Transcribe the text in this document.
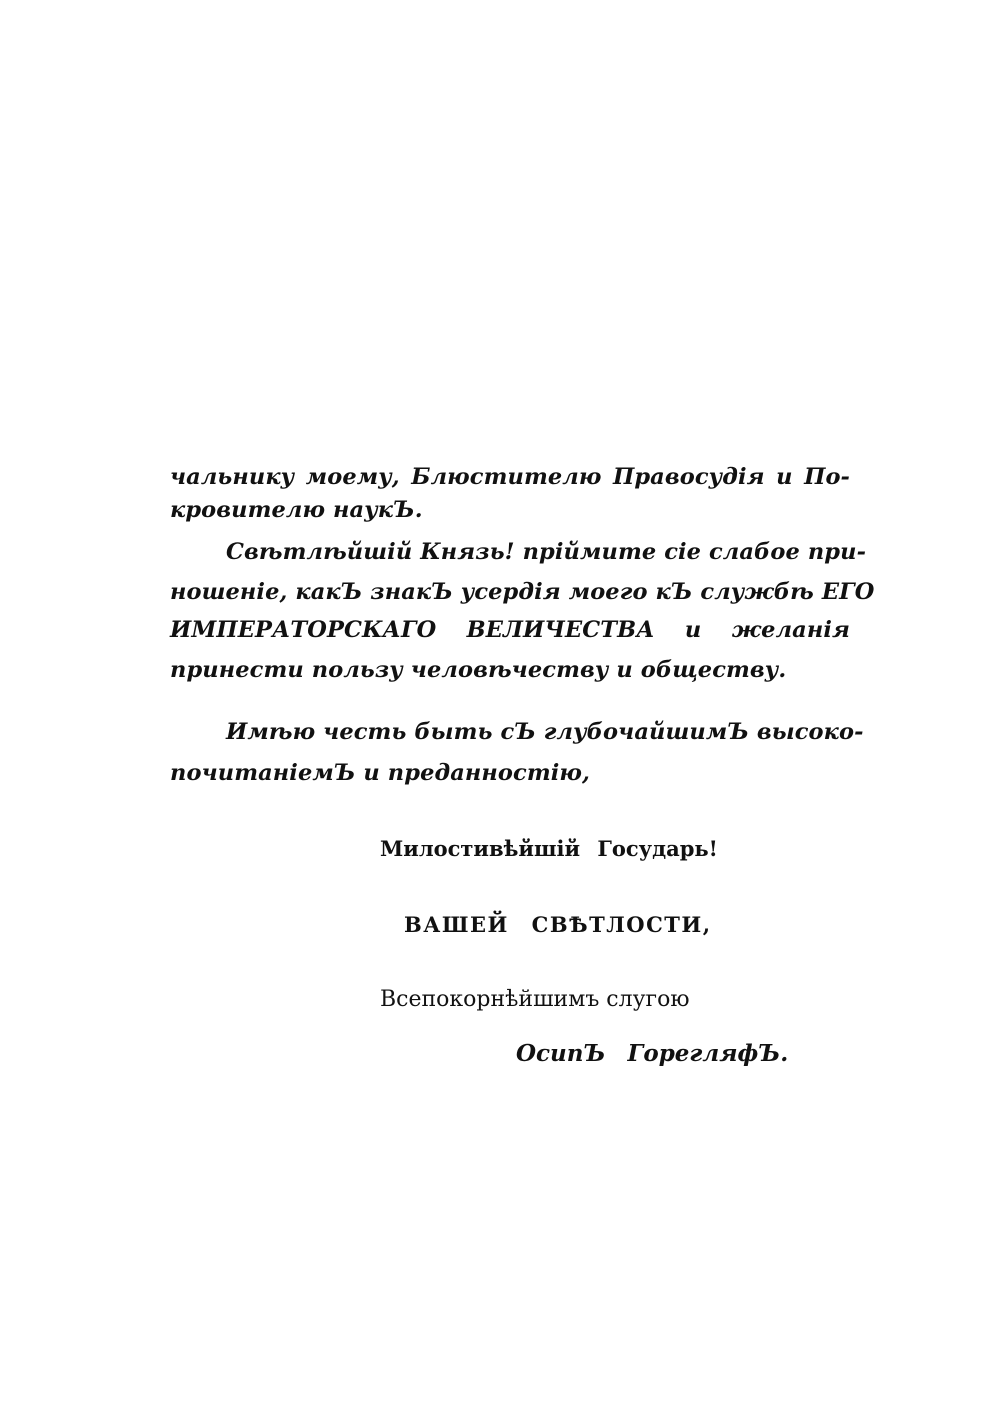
чальнику моему, Блюстителю Правосудія и По-
кровителю наукЪ.
Свѣтлѣйшій Князь! пріймите сіе слабое при-
ношеніе, какЪ знакЪ усердія моего кЪ службѣ ЕГО
ИМПЕРАТОРСКАГО ВЕЛИЧЕСТВА и желанія
принести пользу человѣчеству и обществу.
Имѣю честь быть сЪ глубочайшимЪ высоко-
почитаніемЪ и преданностію,
Милостивѣйшій Государь!
ВАШЕЙ СВѢТЛОСТИ,
Всепокорнѣйшимъ слугою
ОсипЪ ГорегляфЪ.
